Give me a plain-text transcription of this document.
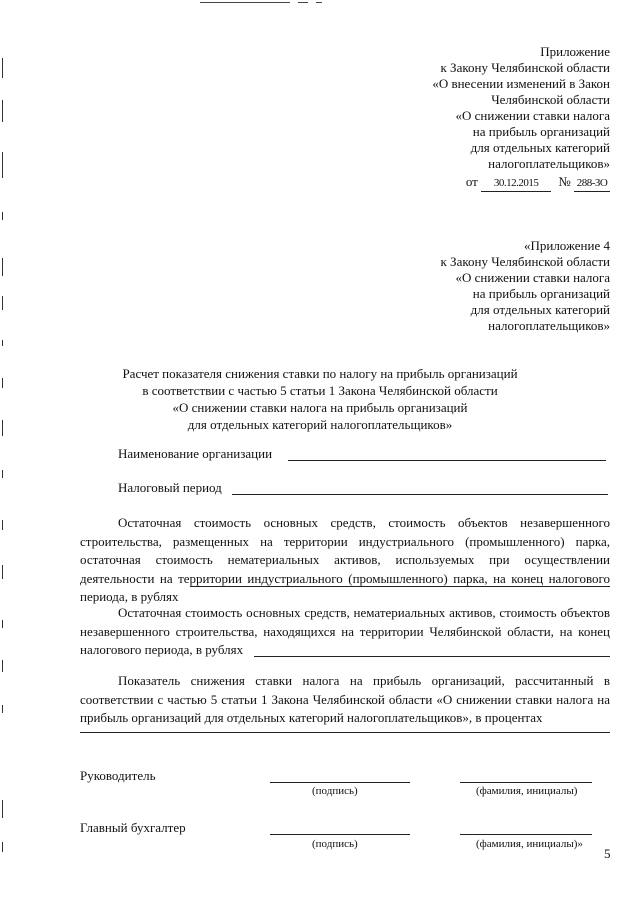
Приложение
к Закону Челябинской области
«О внесении изменений в Закон
Челябинской области
«О снижении ставки налога
на прибыль организаций
для отдельных категорий
налогоплательщиков»
от 30.12.2015 № 288-ЗО
«Приложение 4
к Закону Челябинской области
«О снижении ставки налога
на прибыль организаций
для отдельных категорий
налогоплательщиков»
Расчет показателя снижения ставки по налогу на прибыль организаций
в соответствии с частью 5 статьи 1 Закона Челябинской области
«О снижении ставки налога на прибыль организаций
для отдельных категорий налогоплательщиков»
Наименование организации
Налоговый период
Остаточная стоимость основных средств, стоимость объектов незавершенного строительства, размещенных на территории индустриального (промышленного) парка, остаточная стоимость нематериальных активов, используемых при осуществлении деятельности на территории индустриального (промышленного) парка, на конец налогового периода, в рублях
Остаточная стоимость основных средств, нематериальных активов, стоимость объектов незавершенного строительства, находящихся на территории Челябинской области, на конец налогового периода, в рублях
Показатель снижения ставки налога на прибыль организаций, рассчитанный в соответствии с частью 5 статьи 1 Закона Челябинской области «О снижении ставки налога на прибыль организаций для отдельных категорий налогоплательщиков», в процентах
Руководитель
(подпись)	(фамилия, инициалы)
Главный бухгалтер
(подпись)	(фамилия, инициалы)»
5
